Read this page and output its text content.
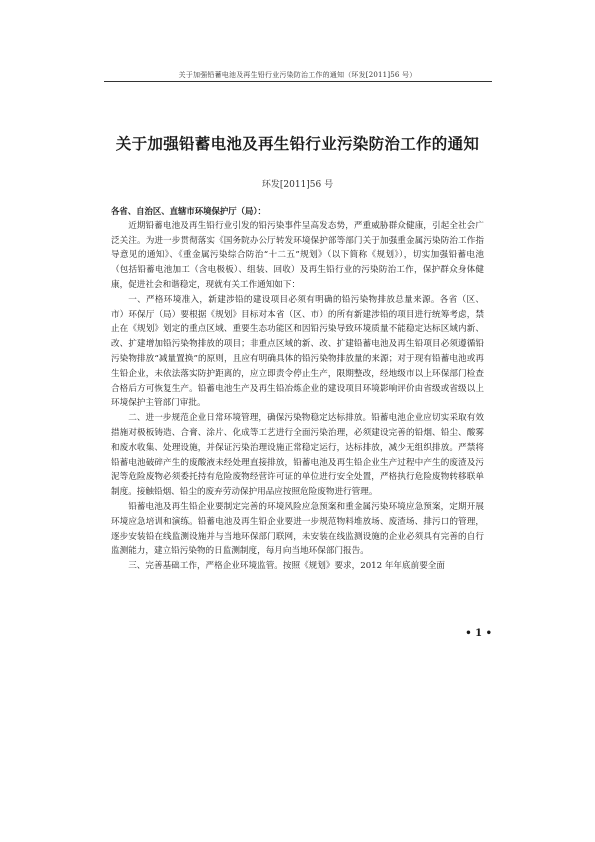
关于加强铅蓄电池及再生铅行业污染防治工作的通知（环发[2011]56 号）
关于加强铅蓄电池及再生铅行业污染防治工作的通知
环发[2011]56 号

各省、自治区、直辖市环境保护厅（局）：

近期铅蓄电池及再生铅行业引发的铅污染事件呈高发态势，严重威胁群众健康，引起全社会广泛关注。为进一步贯彻落实《国务院办公厅转发环境保护部等部门关于加强重金属污染防治工作指导意见的通知》、《重金属污染综合防治“十二五”规划》（以下简称《规划》），切实加强铅蓄电池（包括铅蓄电池加工（含电极板）、组装、回收）及再生铅行业的污染防治工作，保护群众身体健康，促进社会和谐稳定，现就有关工作通知如下：

一、严格环境准入，新建涉铅的建设项目必须有明确的铅污染物排放总量来源。各省（区、市）环保厅（局）要根据《规划》目标对本省（区、市）的所有新建涉铅的项目进行统筹考虑，禁止在《规划》划定的重点区域、重要生态功能区和因铅污染导致环境质量不能稳定达标区域内新、改、扩建增加铅污染物排放的项目；非重点区域的新、改、扩建铅蓄电池及再生铅项目必须遵循铅污染物排放“减量置换”的原则，且应有明确具体的铅污染物排放量的来源；对于现有铅蓄电池或再生铅企业，未依法落实防护距离的，应立即责令停止生产，限期整改，经地级市以上环保部门检查合格后方可恢复生产。铅蓄电池生产及再生铅冶炼企业的建设项目环境影响评价由省级或省级以上环境保护主管部门审批。

二、进一步规范企业日常环境管理，确保污染物稳定达标排放。铅蓄电池企业应切实采取有效措施对极板铸造、合膏、涂片、化成等工艺进行全面污染治理，必须建设完善的铅烟、铅尘、酸雾和废水收集、处理设施，并保证污染治理设施正常稳定运行，达标排放，减少无组织排放。严禁将铅蓄电池破碎产生的废酸液未经处理直接排放，铅蓄电池及再生铅企业生产过程中产生的废渣及污泥等危险废物必须委托持有危险废物经营许可证的单位进行安全处置，严格执行危险废物转移联单制度。接触铅烟、铅尘的废弃劳动保护用品应按照危险废物进行管理。

铅蓄电池及再生铅企业要制定完善的环境风险应急预案和重金属污染环境应急预案，定期开展环境应急培训和演练。铅蓄电池及再生铅企业要进一步规范物料堆放场、废渣场、排污口的管理，逐步安装铅在线监测设施并与当地环保部门联网，未安装在线监测设施的企业必须具有完善的自行监测能力，建立铅污染物的日监测制度，每月向当地环保部门报告。

三、完善基础工作，严格企业环境监管。按照《规划》要求，2012 年年底前要全面

• 1 •
